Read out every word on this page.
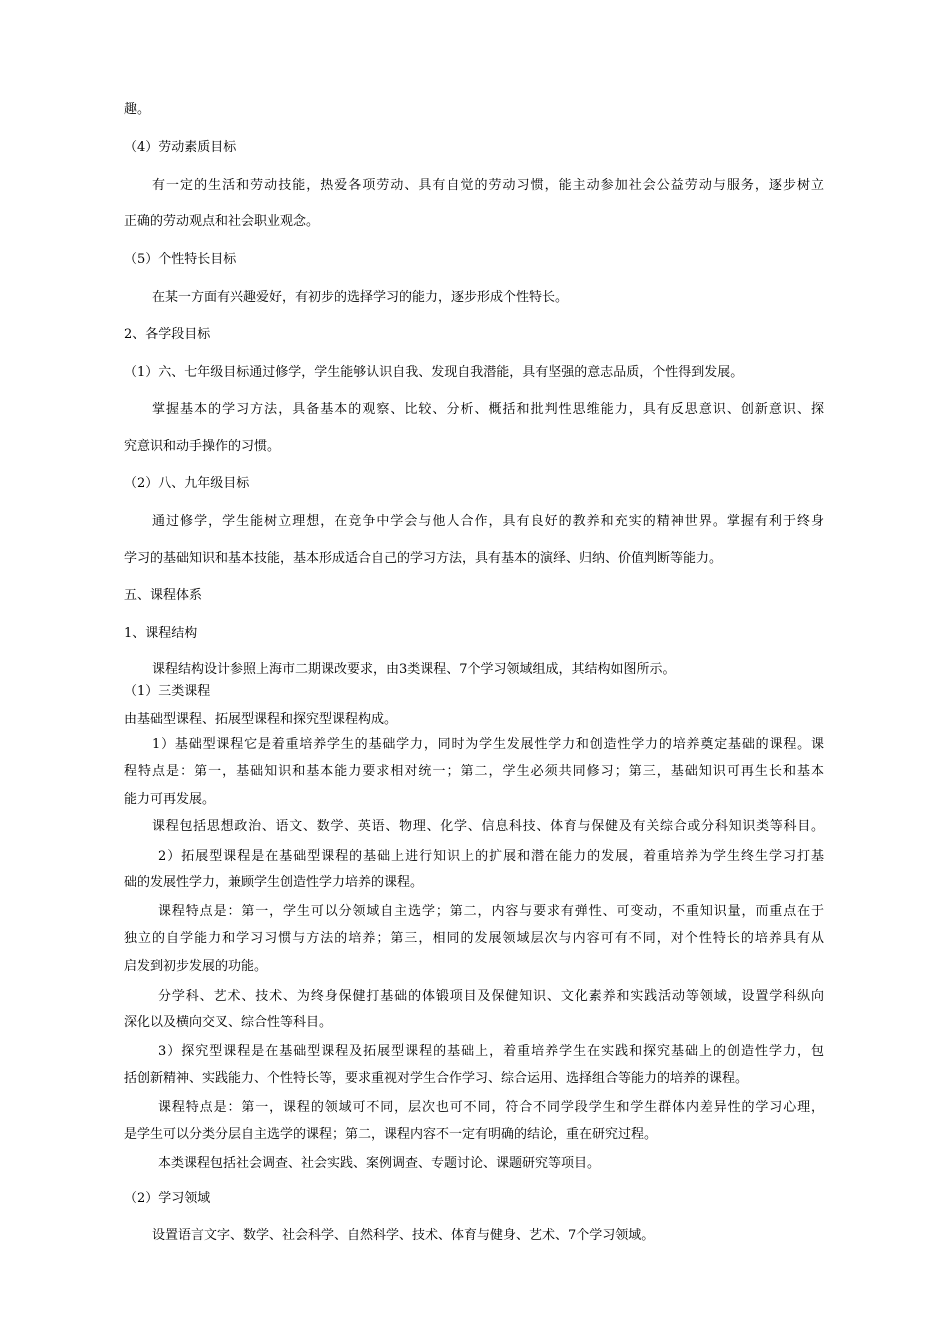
趣。
（4）劳动素质目标
有一定的生活和劳动技能，热爱各项劳动、具有自觉的劳动习惯，能主动参加社会公益劳动与服务，逐步树立
正确的劳动观点和社会职业观念。
（5）个性特长目标
在某一方面有兴趣爱好，有初步的选择学习的能力，逐步形成个性特长。
2、各学段目标
（1）六、七年级目标通过修学，学生能够认识自我、发现自我潜能，具有坚强的意志品质，个性得到发展。
掌握基本的学习方法，具备基本的观察、比较、分析、概括和批判性思维能力，具有反思意识、创新意识、探
究意识和动手操作的习惯。
（2）八、九年级目标
通过修学，学生能树立理想，在竞争中学会与他人合作，具有良好的教养和充实的精神世界。掌握有利于终身
学习的基础知识和基本技能，基本形成适合自己的学习方法，具有基本的演绎、归纳、价值判断等能力。
五、课程体系
1、课程结构
课程结构设计参照上海市二期课改要求，由3类课程、7个学习领域组成，其结构如图所示。
（1）三类课程
由基础型课程、拓展型课程和探究型课程构成。
1）基础型课程它是着重培养学生的基础学力，同时为学生发展性学力和创造性学力的培养奠定基础的课程。课
程特点是：第一，基础知识和基本能力要求相对统一；第二，学生必须共同修习；第三，基础知识可再生长和基本
能力可再发展。
课程包括思想政治、语文、数学、英语、物理、化学、信息科技、体育与保健及有关综合或分科知识类等科目。
2）拓展型课程是在基础型课程的基础上进行知识上的扩展和潜在能力的发展，着重培养为学生终生学习打基
础的发展性学力，兼顾学生创造性学力培养的课程。
课程特点是：第一，学生可以分领域自主选学；第二，内容与要求有弹性、可变动，不重知识量，而重点在于
独立的自学能力和学习习惯与方法的培养；第三，相同的发展领域层次与内容可有不同，对个性特长的培养具有从
启发到初步发展的功能。
分学科、艺术、技术、为终身保健打基础的体锻项目及保健知识、文化素养和实践活动等领域，设置学科纵向
深化以及横向交叉、综合性等科目。
3）探究型课程是在基础型课程及拓展型课程的基础上，着重培养学生在实践和探究基础上的创造性学力，包
括创新精神、实践能力、个性特长等，要求重视对学生合作学习、综合运用、选择组合等能力的培养的课程。
课程特点是：第一，课程的领域可不同，层次也可不同，符合不同学段学生和学生群体内差异性的学习心理，
是学生可以分类分层自主选学的课程；第二，课程内容不一定有明确的结论，重在研究过程。
本类课程包括社会调查、社会实践、案例调查、专题讨论、课题研究等项目。
（2）学习领域
设置语言文字、数学、社会科学、自然科学、技术、体育与健身、艺术、7个学习领域。
